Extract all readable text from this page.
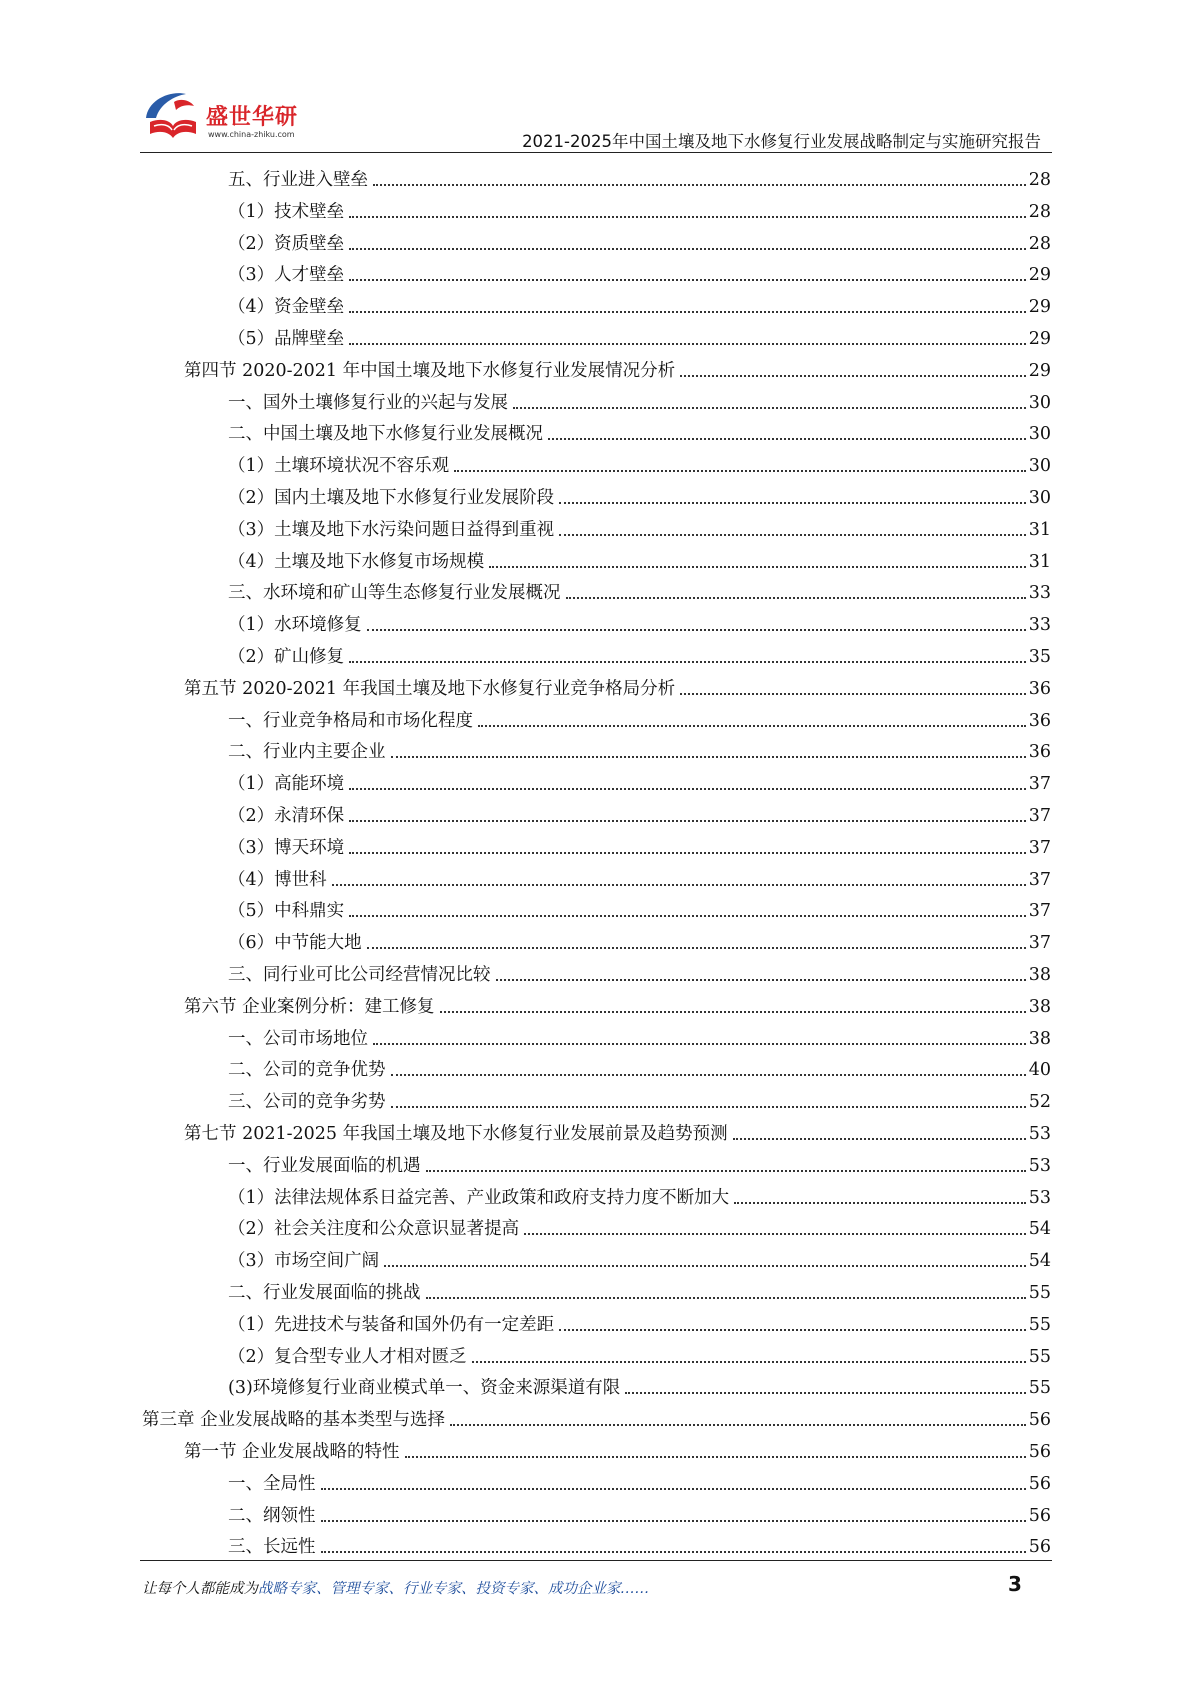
盛世华研
www.china-zhiku.com	2021-2025年中国土壤及地下水修复行业发展战略制定与实施研究报告
五、行业进入壁垒	28
（1）技术壁垒	28
（2）资质壁垒	28
（3）人才壁垒	29
（4）资金壁垒	29
（5）品牌壁垒	29
第四节 2020-2021 年中国土壤及地下水修复行业发展情况分析	29
一、国外土壤修复行业的兴起与发展	30
二、中国土壤及地下水修复行业发展概况	30
（1）土壤环境状况不容乐观	30
（2）国内土壤及地下水修复行业发展阶段	30
（3）土壤及地下水污染问题日益得到重视	31
（4）土壤及地下水修复市场规模	31
三、水环境和矿山等生态修复行业发展概况	33
（1）水环境修复	33
（2）矿山修复	35
第五节 2020-2021 年我国土壤及地下水修复行业竞争格局分析	36
一、行业竞争格局和市场化程度	36
二、行业内主要企业	36
（1）高能环境	37
（2）永清环保	37
（3）博天环境	37
（4）博世科	37
（5）中科鼎实	37
（6）中节能大地	37
三、同行业可比公司经营情况比较	38
第六节 企业案例分析：建工修复	38
一、公司市场地位	38
二、公司的竞争优势	40
三、公司的竞争劣势	52
第七节 2021-2025 年我国土壤及地下水修复行业发展前景及趋势预测	53
一、行业发展面临的机遇	53
（1）法律法规体系日益完善、产业政策和政府支持力度不断加大	53
（2）社会关注度和公众意识显著提高	54
（3）市场空间广阔	54
二、行业发展面临的挑战	55
（1）先进技术与装备和国外仍有一定差距	55
（2）复合型专业人才相对匮乏	55
(3)环境修复行业商业模式单一、资金来源渠道有限	55
第三章 企业发展战略的基本类型与选择	56
第一节 企业发展战略的特性	56
一、全局性	56
二、纲领性	56
三、长远性	56
让每个人都能成为战略专家、管理专家、行业专家、投资专家、成功企业家……	3
